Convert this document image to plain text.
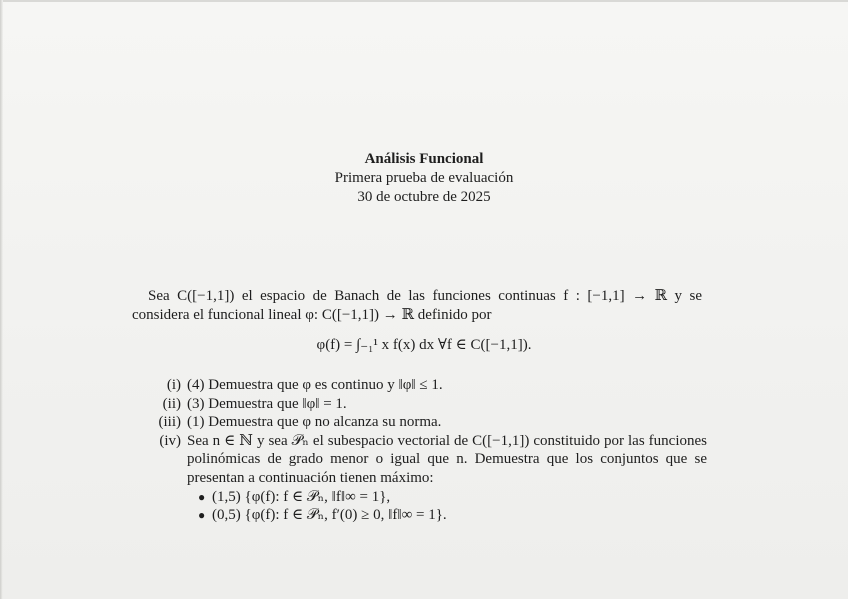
Análisis Funcional
Primera prueba de evaluación
30 de octubre de 2025
Sea C([−1,1]) el espacio de Banach de las funciones continuas f : [−1,1] → ℝ y se considera el funcional lineal φ: C([−1,1]) → ℝ definido por
φ(f) = ∫₋₁¹ x f(x) dx ∀f ∈ C([−1,1]).
(i) (4) Demuestra que φ es continuo y ‖φ‖ ≤ 1.
(ii) (3) Demuestra que ‖φ‖ = 1.
(iii) (1) Demuestra que φ no alcanza su norma.
(iv) Sea n ∈ ℕ y sea 𝒫ₙ el subespacio vectorial de C([−1,1]) constituido por las funciones polinómicas de grado menor o igual que n. Demuestra que los conjuntos que se presentan a continuación tienen máximo:
● (1,5) {φ(f): f ∈ 𝒫ₙ, ‖f‖∞ = 1},
● (0,5) {φ(f): f ∈ 𝒫ₙ, f′(0) ≥ 0, ‖f‖∞ = 1}.
